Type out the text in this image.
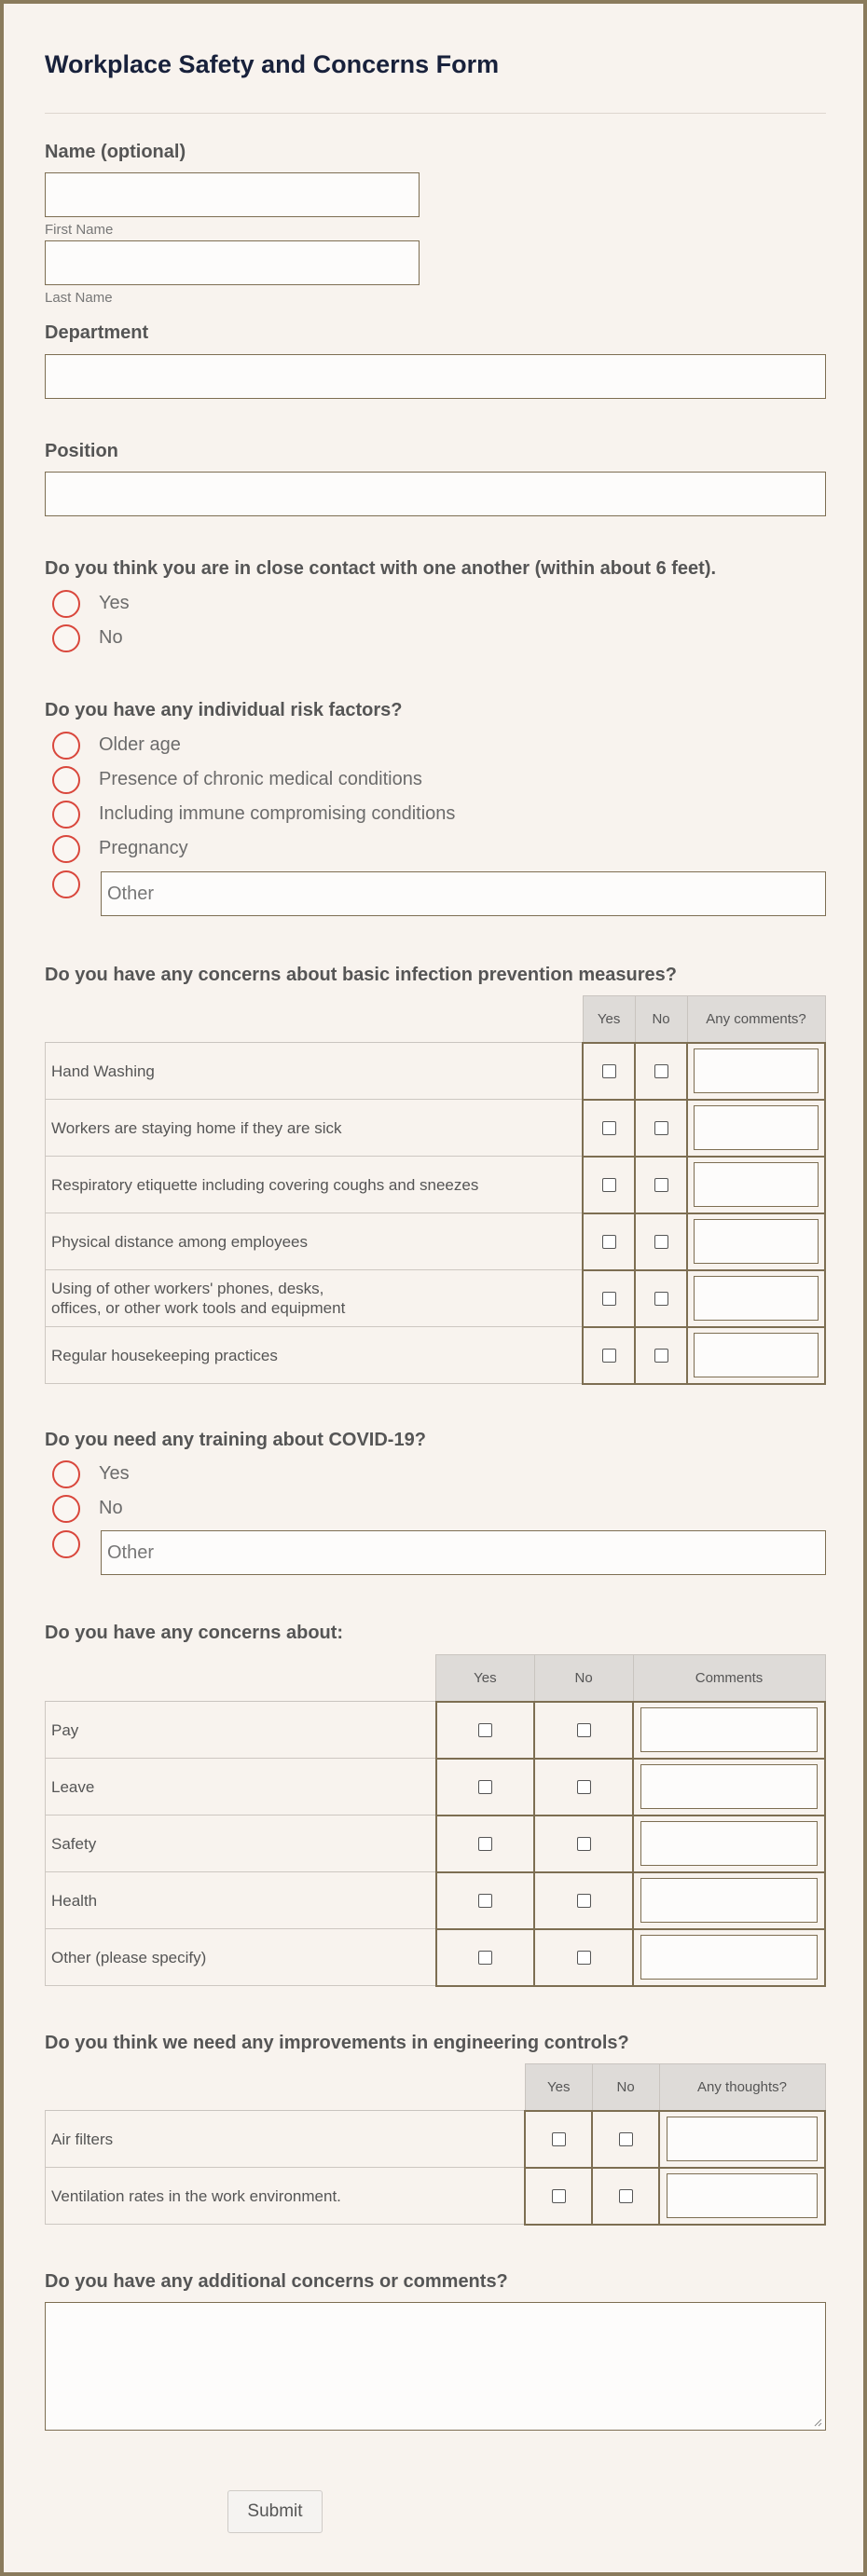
Workplace Safety and Concerns Form
Name (optional)
First Name
Last Name
Department
Position
Do you think you are in close contact with one another (within about 6 feet).
Yes
No
Do you have any individual risk factors?
Older age
Presence of chronic medical conditions
Including immune compromising conditions
Pregnancy
Other
Do you have any concerns about basic infection prevention measures?
	Yes	No	Any comments?
Hand Washing			

Workers are staying home if they are sick			

Respiratory etiquette including covering coughs and sneezes			

Physical distance among employees			

Using of other workers' phones, desks,
offices, or other work tools and equipment			

Regular housekeeping practices			
Do you need any training about COVID-19?
Yes
No
Other
Do you have any concerns about:
	Yes	No	Comments
Pay			

Leave			

Safety			

Health			

Other (please specify)			
Do you think we need any improvements in engineering controls?
	Yes	No	Any thoughts?
Air filters			

Ventilation rates in the work environment.			
Do you have any additional concerns or comments?
Submit
